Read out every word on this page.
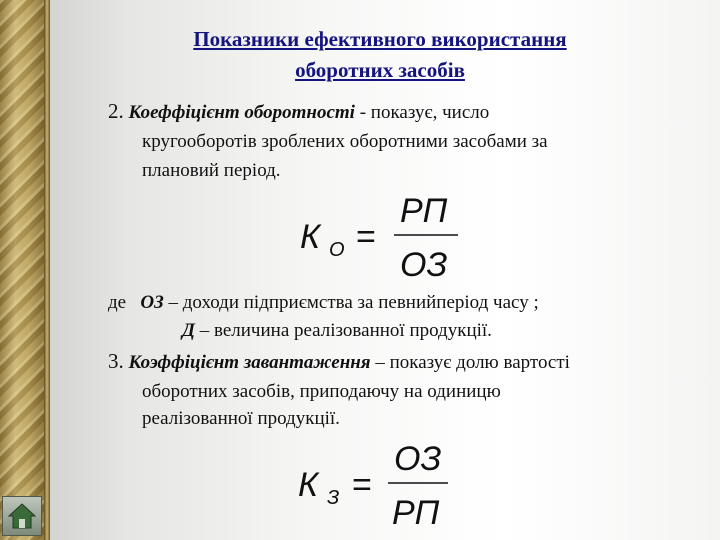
Показники ефективного використання
оборотних засобів
2. Коеффіцієнт оборотності - показує, число
кругооборотів зроблених оборотними засобами за
плановий період.
К О =
РП
ОЗ
де ОЗ – доходи підприємства за певнийперіод часу ;
Д – величина реалізованної продукції.
3. Коэффіцієнт завантаження – показує долю вартості
оборотних засобів, приподаючу на одиницю
реалізованної продукції.
К З =
ОЗ
РП
